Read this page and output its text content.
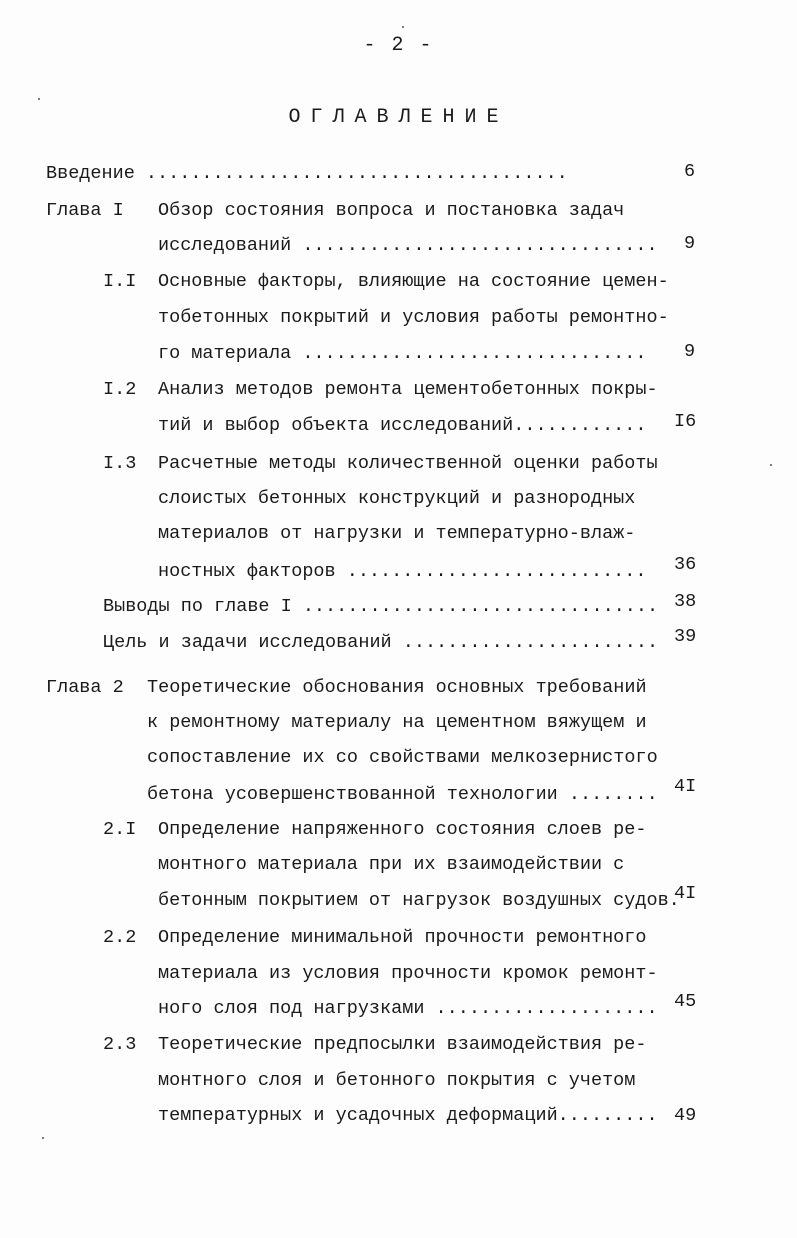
- 2 -
ОГЛАВЛЕНИЕ
Введение ......................................	6
Глава I Обзор состояния вопроса и постановка задач
исследований ................................ 9
I.I Основные факторы, влияющие на состояние цемен-
тобетонных покрытий и условия работы ремонтно-
го материала ............................... 9
I.2 Анализ методов ремонта цементобетонных покры-
тий и выбор объекта исследований............ I6
I.3 Расчетные методы количественной оценки работы
слоистых бетонных конструкций и разнородных
материалов от нагрузки и температурно-влаж-
ностных факторов ........................... 36
Выводы по главе I ................................ 38
Цель и задачи исследований ....................... 39
Глава 2 Теоретические обоснования основных требований
к ремонтному материалу на цементном вяжущем и
сопоставление их со свойствами мелкозернистого
бетона усовершенствованной технологии ........ 4I
2.I Определение напряженного состояния слоев ре-
монтного материала при их взаимодействии с
бетонным покрытием от нагрузок воздушных судов.
4I
2.2 Определение минимальной прочности ремонтного
материала из условия прочности кромок ремонт-
ного слоя под нагрузками .................... 45
2.3 Теоретические предпосылки взаимодействия ре-
монтного слоя и бетонного покрытия с учетом
температурных и усадочных деформаций......... 49
